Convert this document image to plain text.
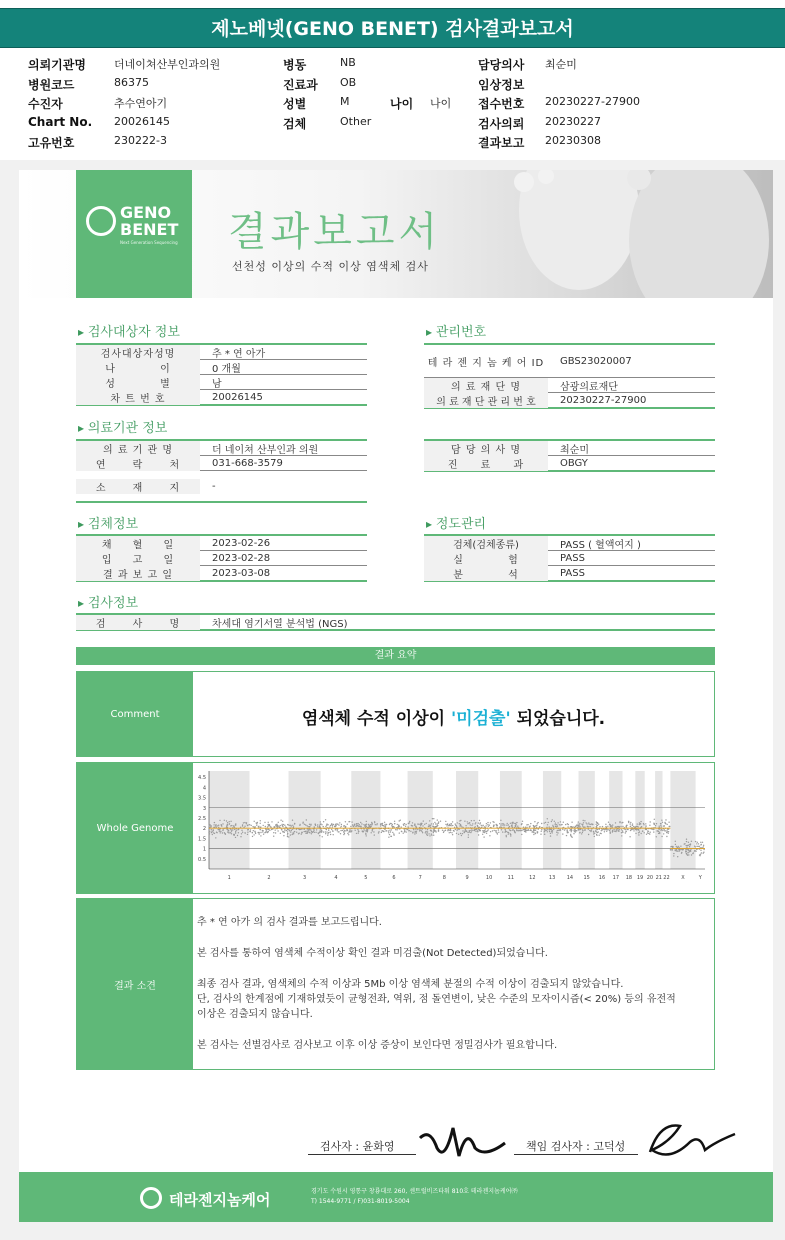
제노베넷(GENO BENET) 검사결과보고서
의뢰기관명	더네이쳐산부인과의원
병원코드	86375
수진자	추수연아기
Chart No.	20026145
고유번호	230222-3
병동	NB
진료과	OB
성별	M	나이	나이
검체	Other
담당의사	최순미
임상정보
접수번호	20230227-27900
검사의뢰	20230227
결과보고	20230308
GENO
BENET
Next Generation Sequencing 결과보고서
선천성 이상의 수적 이상 염색체 검사
▸ 검사대상자 정보
검사대상자성명	추 * 연 아가
나 이	0 개월
성 별	남
차 트 번 호	20026145
▸ 관리번호
테 라 젠 지 놈 케 어 ID	GBS23020007
의 료 재 단 명	삼광의료재단
의 료 재 단 관 리 번 호	20230227-27900
▸ 의료기관 정보
의 료 기 관 명	더 네이쳐 산부인과 의원
연 락 처	031-668-3579
소 재 지	-
담 당 의 사 명	최순미
진 료 과	OBGY
▸ 검체정보
채 혈 일	2023-02-26
입 고 일	2023-02-28
결 과 보 고 일	2023-03-08
▸ 정도관리
검체(검체종류)	PASS ( 혈액여지 )
실 험	PASS
분 석	PASS
▸ 검사정보
검 사 명	차세대 염기서열 분석법 (NGS)
결과 요약
Comment	염색체 수적 이상이 '미검출' 되었습니다.
Whole Genome
4.5
4
3.5
3
2.5
2
1.5
1
0.5
1	2	3	4	5	6	7	8	9	10	11	12	13 14 15 16 17 18 19 20 21 22 X	Y
결과 소견

추 * 연 아가 의 검사 결과를 보고드립니다.

본 검사를 통하여 염색체 수적이상 확인 결과 미검출(Not Detected)되었습니다.

최종 검사 결과, 염색체의 수적 이상과 5Mb 이상 염색체 분절의 수적 이상이 검출되지 않았습니다.

단, 검사의 한계점에 기재하였듯이 균형전좌, 역위, 점 돌연변이, 낮은 수준의 모자이시즘(< 20%) 등의 유전적

이상은 검출되지 않습니다.

본 검사는 선별검사로 검사보고 이후 이상 증상이 보인다면 정밀검사가 필요합니다.

검사자 : 윤화영	책임 검사자 : 고덕성
테라젠지놈케어	경기도 수원시 영통구 창룡대로 260, 센트럴비즈타워 810호 테라젠지놈케어㈜
T) 1544-9771 / F)031-8019-5004
